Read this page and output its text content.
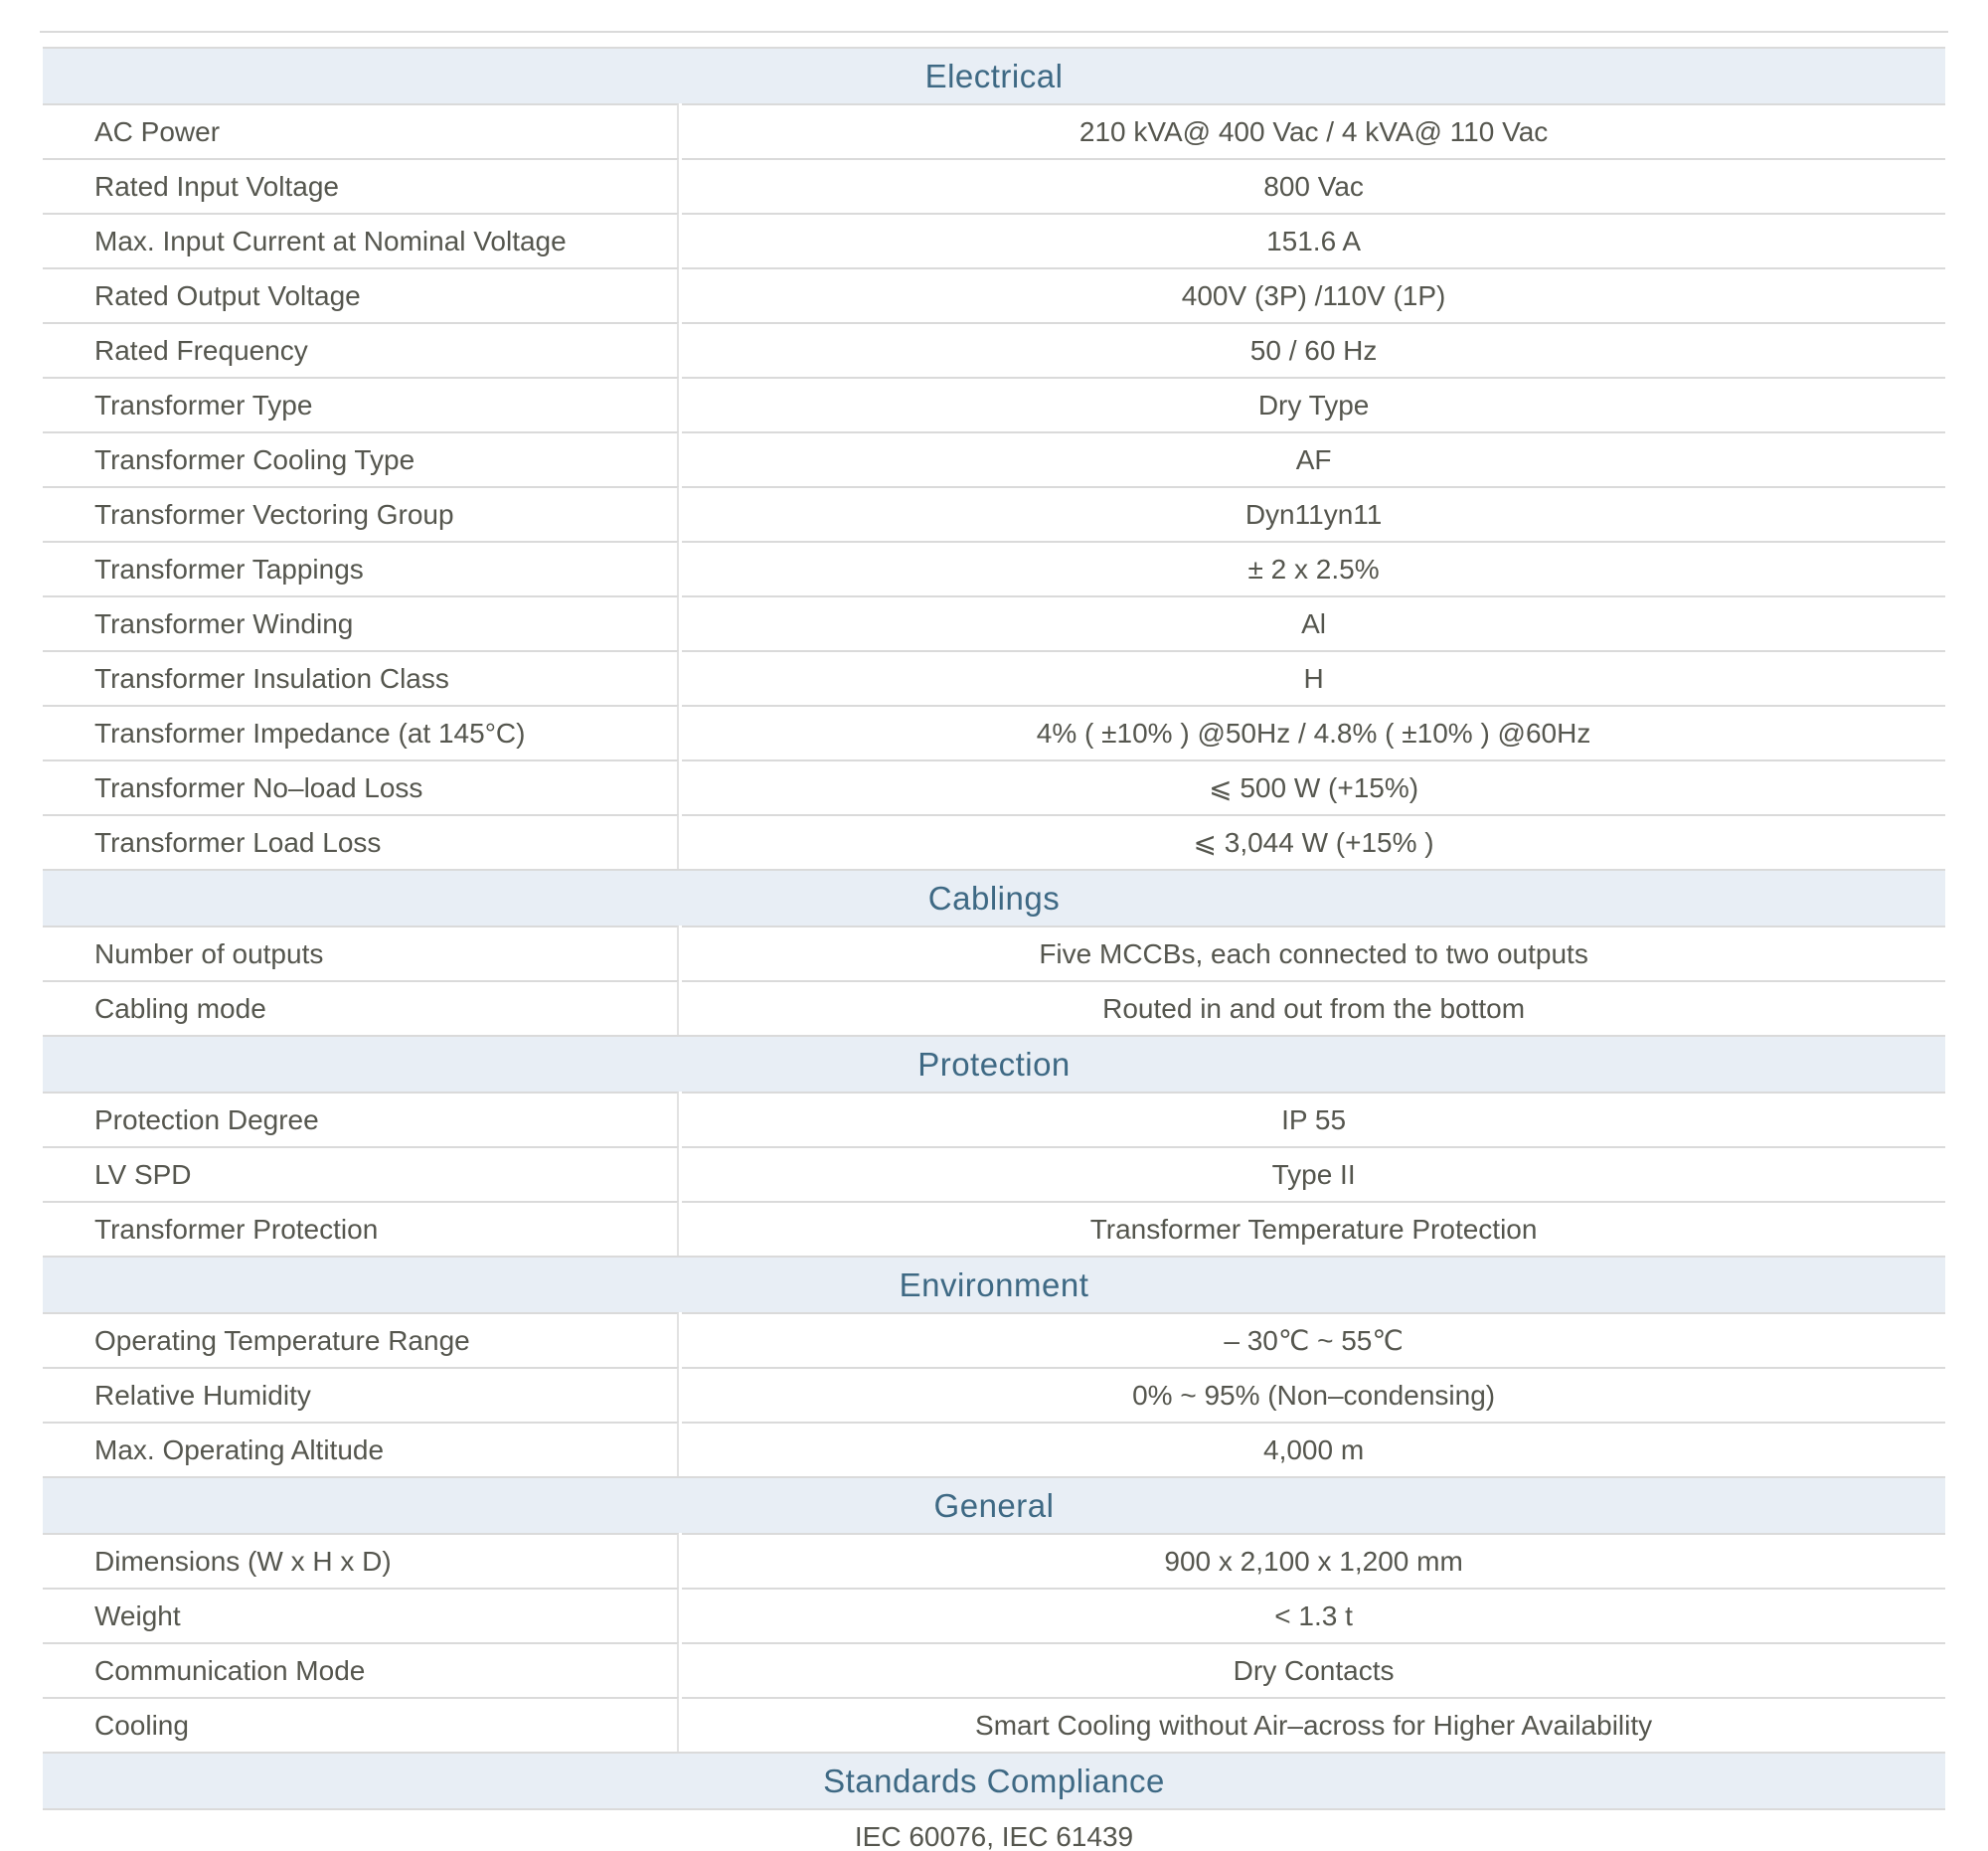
Electrical	
AC Power	210 kVA@ 400 Vac / 4 kVA@ 110 Vac
Rated Input Voltage	800 Vac
Max. Input Current at Nominal Voltage	151.6 A
Rated Output Voltage	400V (3P) /110V (1P)
Rated Frequency	50 / 60 Hz
Transformer Type	Dry Type
Transformer Cooling Type	AF
Transformer Vectoring Group	Dyn11yn11
Transformer Tappings	± 2 x 2.5%
Transformer Winding	Al
Transformer Insulation Class	H
Transformer Impedance (at 145°C)	4% ( ±10% ) @50Hz / 4.8% ( ±10% ) @60Hz
Transformer No–load Loss	⩽ 500 W (+15%)
Transformer Load Loss	⩽ 3,044 W (+15% )
Cablings	
Number of outputs	Five MCCBs, each connected to two outputs
Cabling mode	Routed in and out from the bottom
Protection	
Protection Degree	IP 55
LV SPD	Type II
Transformer Protection	Transformer Temperature Protection
Environment	
Operating Temperature Range	– 30℃ ~ 55℃
Relative Humidity	0% ~ 95% (Non–condensing)
Max. Operating Altitude	4,000 m
General	
Dimensions (W x H x D)	900 x 2,100 x 1,200 mm
Weight	< 1.3 t
Communication Mode	Dry Contacts
Cooling	Smart Cooling without Air–across for Higher Availability
Standards Compliance	
IEC 60076, IEC 61439	
